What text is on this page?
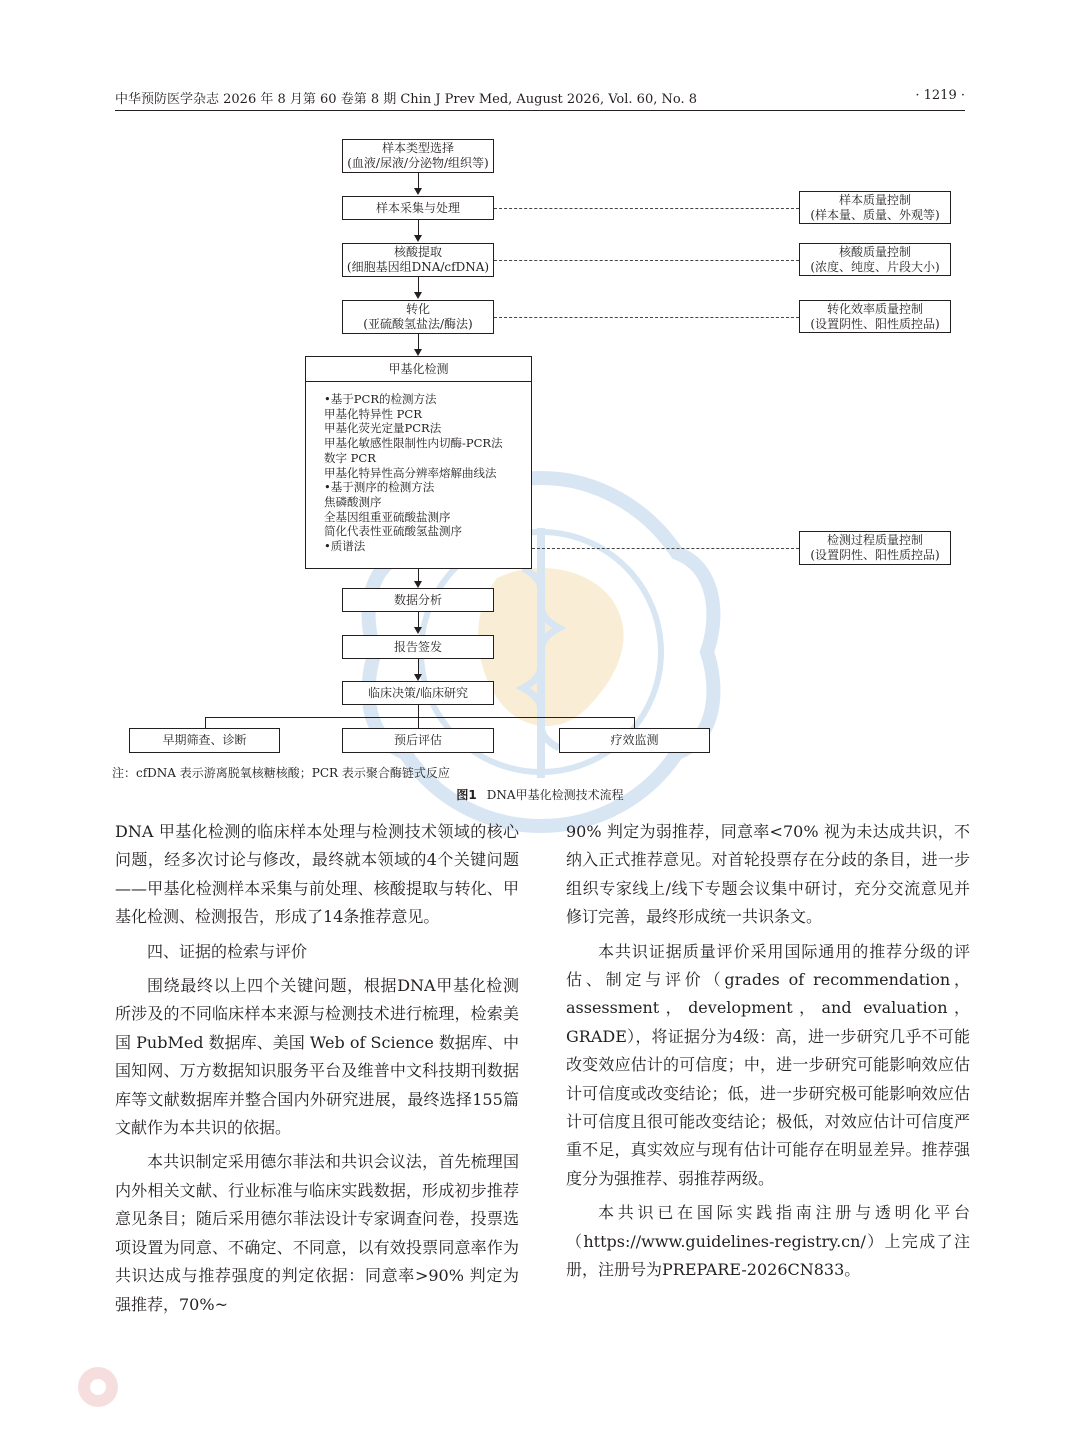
中华预防医学杂志 2026 年 8 月第 60 卷第 8 期 Chin J Prev Med, August 2026, Vol. 60, No. 8	· 1219 ·
样本类型选择
(血液/尿液/分泌物/组织等)
样本采集与处理
核酸提取
(细胞基因组DNA/cfDNA)
转化
(亚硫酸氢盐法/酶法)
甲基化检测
•基于PCR的检测方法
甲基化特异性 PCR
甲基化荧光定量PCR法
甲基化敏感性限制性内切酶-PCR法
数字 PCR
甲基化特异性高分辨率熔解曲线法
•基于测序的检测方法
焦磷酸测序
全基因组重亚硫酸盐测序
简化代表性亚硫酸氢盐测序
•质谱法
数据分析
报告签发
临床决策/临床研究
早期筛查、诊断	预后评估	疗效监测
样本质量控制
(样本量、质量、外观等)
核酸质量控制
(浓度、纯度、片段大小)
转化效率质量控制
(设置阴性、阳性质控品)
检测过程质量控制
(设置阴性、阳性质控品)
注：cfDNA 表示游离脱氧核糖核酸；PCR 表示聚合酶链式反应
图1 DNA甲基化检测技术流程

DNA 甲基化检测的临床样本处理与检测技术领域的核心问题，经多次讨论与修改，最终就本领域的4个关键问题——甲基化检测样本采集与前处理、核酸提取与转化、甲基化检测、检测报告，形成了14条推荐意见。

四、证据的检索与评价

围绕最终以上四个关键问题，根据DNA甲基化检测所涉及的不同临床样本来源与检测技术进行梳理，检索美国 PubMed 数据库、美国 Web of Science 数据库、中国知网、万方数据知识服务平台及维普中文科技期刊数据库等文献数据库并整合国内外研究进展，最终选择155篇文献作为本共识的依据。

本共识制定采用德尔菲法和共识会议法，首先梳理国内外相关文献、行业标准与临床实践数据，形成初步推荐意见条目；随后采用德尔菲法设计专家调查问卷，投票选项设置为同意、不确定、不同意，以有效投票同意率作为共识达成与推荐强度的判定依据：同意率>90% 判定为强推荐，70%~

90% 判定为弱推荐，同意率<70% 视为未达成共识，不纳入正式推荐意见。对首轮投票存在分歧的条目，进一步组织专家线上/线下专题会议集中研讨，充分交流意见并修订完善，最终形成统一共识条文。

本共识证据质量评价采用国际通用的推荐分级的评估、制定与评价（grades of recommendation，assessment，development，and evaluation，GRADE），将证据分为4级：高，进一步研究几乎不可能改变效应估计的可信度；中，进一步研究可能影响效应估计可信度或改变结论；低，进一步研究极可能影响效应估计可信度且很可能改变结论；极低，对效应估计可信度严重不足，真实效应与现有估计可能存在明显差异。推荐强度分为强推荐、弱推荐两级。

本共识已在国际实践指南注册与透明化平台（https://www.guidelines-registry.cn/）上完成了注册，注册号为PREPARE-2026CN833。
